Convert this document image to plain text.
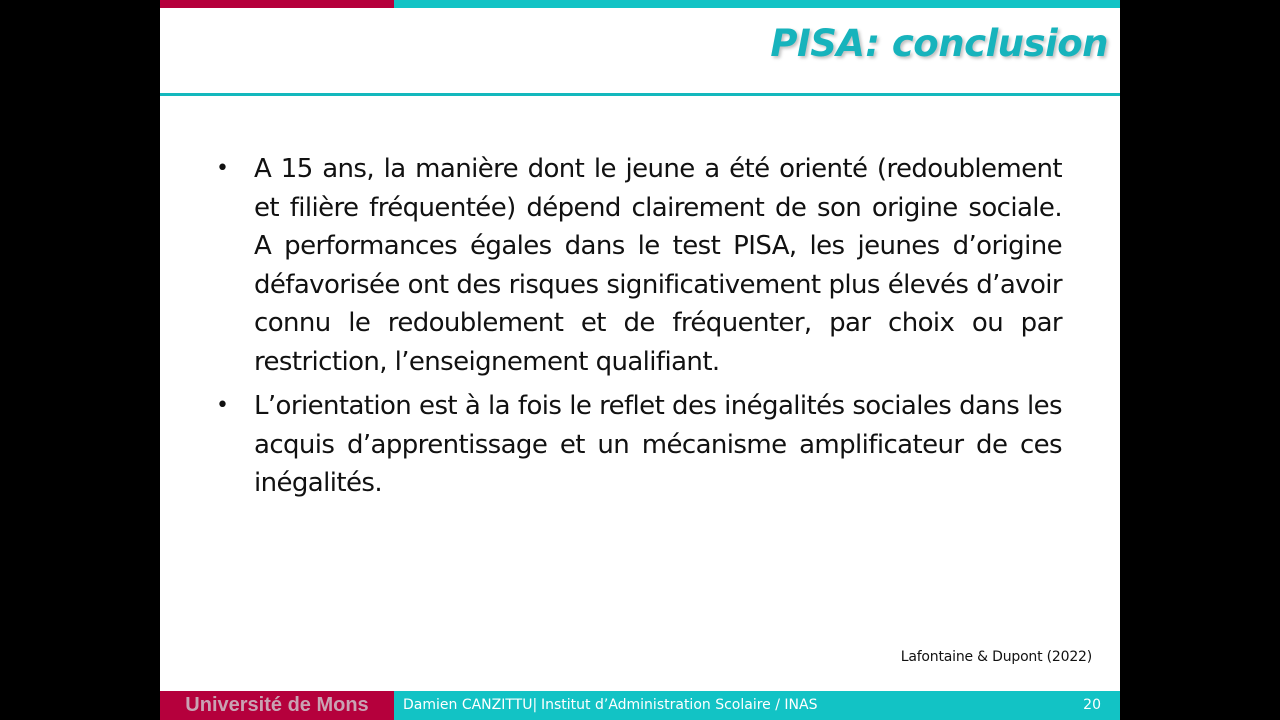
PISA: conclusion

• A 15 ans, la manière dont le jeune a été orienté (redoublement et filière fréquentée) dépend clairement de son origine sociale. A performances égales dans le test PISA, les jeunes d’origine défavorisée ont des risques significativement plus élevés d’avoir connu le redoublement et de fréquenter, par choix ou par restriction, l’enseignement qualifiant.

• L’orientation est à la fois le reflet des inégalités sociales dans les acquis d’apprentissage et un mécanisme amplificateur de ces inégalités.

Lafontaine & Dupont (2022)
Université de Mons	Damien CANZITTU| Institut d’Administration Scolaire / INAS	20
